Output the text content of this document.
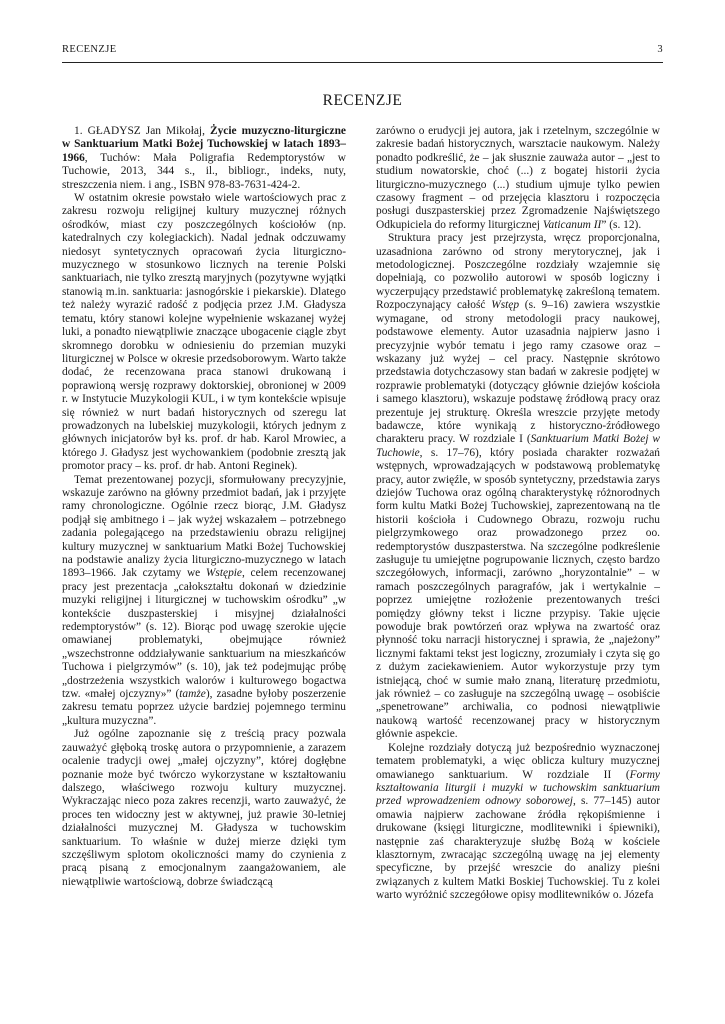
RECENZJE	3
RECENZJE

1. GŁADYSZ Jan Mikołaj, Życie muzyczno-liturgiczne w Sanktuarium Matki Bożej Tuchowskiej w latach 1893–1966, Tuchów: Mała Poligrafia Redemptorystów w Tuchowie, 2013, 344 s., il., bibliogr., indeks, nuty, streszczenia niem. i ang., ISBN 978-83-7631-424-2.

W ostatnim okresie powstało wiele wartościowych prac z zakresu rozwoju religijnej kultury muzycznej różnych ośrodków, miast czy poszczególnych kościołów (np. katedralnych czy kolegiackich). Nadal jednak odczuwamy niedosyt syntetycznych opracowań życia liturgiczno-muzycznego w stosunkowo licznych na terenie Polski sanktuariach, nie tylko zresztą maryjnych (pozytywne wyjątki stanowią m.in. sanktuaria: jasnogórskie i piekarskie). Dlatego też należy wyrazić radość z podjęcia przez J.M. Gładysza tematu, który stanowi kolejne wypełnienie wskazanej wyżej luki, a ponadto niewątpliwie znaczące ubogacenie ciągle zbyt skromnego dorobku w odniesieniu do przemian muzyki liturgicznej w Polsce w okresie przedsoborowym. Warto także dodać, że recenzowana praca stanowi drukowaną i poprawioną wersję rozprawy doktorskiej, obronionej w 2009 r. w Instytucie Muzykologii KUL, i w tym kontekście wpisuje się również w nurt badań historycznych od szeregu lat prowadzonych na lubelskiej muzykologii, których jednym z głównych inicjatorów był ks. prof. dr hab. Karol Mrowiec, a którego J. Gładysz jest wychowankiem (podobnie zresztą jak promotor pracy – ks. prof. dr hab. Antoni Reginek).

Temat prezentowanej pozycji, sformułowany precyzyjnie, wskazuje zarówno na główny przedmiot badań, jak i przyjęte ramy chronologiczne. Ogólnie rzecz biorąc, J.M. Gładysz podjął się ambitnego i – jak wyżej wskazałem – potrzebnego zadania polegającego na przedstawieniu obrazu religijnej kultury muzycznej w sanktuarium Matki Bożej Tuchowskiej na podstawie analizy życia liturgiczno-muzycznego w latach 1893–1966. Jak czytamy we Wstępie, celem recenzowanej pracy jest prezentacja „całokształtu dokonań w dziedzinie muzyki religijnej i liturgicznej w tuchowskim ośrodku” „w kontekście duszpasterskiej i misyjnej działalności redemptorystów” (s. 12). Biorąc pod uwagę szerokie ujęcie omawianej problematyki, obejmujące również „wszechstronne oddziaływanie sanktuarium na mieszkańców Tuchowa i pielgrzymów” (s. 10), jak też podejmując próbę „dostrzeżenia wszystkich walorów i kulturowego bogactwa tzw. «małej ojczyzny»” (tamże), zasadne byłoby poszerzenie zakresu tematu poprzez użycie bardziej pojemnego terminu „kultura muzyczna”.

Już ogólne zapoznanie się z treścią pracy pozwala zauważyć głęboką troskę autora o przypomnienie, a zarazem ocalenie tradycji owej „małej ojczyzny”, której dogłębne poznanie może być twórczo wykorzystane w kształtowaniu dalszego, właściwego rozwoju kultury muzycznej. Wykraczając nieco poza zakres recenzji, warto zauważyć, że proces ten widoczny jest w aktywnej, już prawie 30-letniej działalności muzycznej M. Gładysza w tuchowskim sanktuarium. To właśnie w dużej mierze dzięki tym szczęśliwym splotom okoliczności mamy do czynienia z pracą pisaną z emocjonalnym zaangażowaniem, ale niewątpliwie wartościową, dobrze świadczącą

zarówno o erudycji jej autora, jak i rzetelnym, szczególnie w zakresie badań historycznych, warsztacie naukowym. Należy ponadto podkreślić, że – jak słusznie zauważa autor – „jest to studium nowatorskie, choć (...) z bogatej historii życia liturgiczno-muzycznego (...) studium ujmuje tylko pewien czasowy fragment – od przejęcia klasztoru i rozpoczęcia posługi duszpasterskiej przez Zgromadzenie Najświętszego Odkupiciela do reformy liturgicznej Vaticanum II” (s. 12).

Struktura pracy jest przejrzysta, wręcz proporcjonalna, uzasadniona zarówno od strony merytorycznej, jak i metodologicznej. Poszczególne rozdziały wzajemnie się dopełniają, co pozwoliło autorowi w sposób logiczny i wyczerpujący przedstawić problematykę zakreśloną tematem. Rozpoczynający całość Wstęp (s. 9–16) zawiera wszystkie wymagane, od strony metodologii pracy naukowej, podstawowe elementy. Autor uzasadnia najpierw jasno i precyzyjnie wybór tematu i jego ramy czasowe oraz – wskazany już wyżej – cel pracy. Następnie skrótowo przedstawia dotychczasowy stan badań w zakresie podjętej w rozprawie problematyki (dotyczący głównie dziejów kościoła i samego klasztoru), wskazuje podstawę źródłową pracy oraz prezentuje jej strukturę. Określa wreszcie przyjęte metody badawcze, które wynikają z historyczno-źródłowego charakteru pracy. W rozdziale I (Sanktuarium Matki Bożej w Tuchowie, s. 17–76), który posiada charakter rozważań wstępnych, wprowadzających w podstawową problematykę pracy, autor zwięźle, w sposób syntetyczny, przedstawia zarys dziejów Tuchowa oraz ogólną charakterystykę różnorodnych form kultu Matki Bożej Tuchowskiej, zaprezentowaną na tle historii kościoła i Cudownego Obrazu, rozwoju ruchu pielgrzymkowego oraz prowadzonego przez oo. redemptorystów duszpasterstwa. Na szczególne podkreślenie zasługuje tu umiejętne pogrupowanie licznych, często bardzo szczegółowych, informacji, zarówno „horyzontalnie” – w ramach poszczególnych paragrafów, jak i wertykalnie – poprzez umiejętne rozłożenie prezentowanych treści pomiędzy główny tekst i liczne przypisy. Takie ujęcie powoduje brak powtórzeń oraz wpływa na zwartość oraz płynność toku narracji historycznej i sprawia, że „najeżony” licznymi faktami tekst jest logiczny, zrozumiały i czyta się go z dużym zaciekawieniem. Autor wykorzystuje przy tym istniejącą, choć w sumie mało znaną, literaturę przedmiotu, jak również – co zasługuje na szczególną uwagę – osobiście „spenetrowane” archiwalia, co podnosi niewątpliwie naukową wartość recenzowanej pracy w historycznym głównie aspekcie.

Kolejne rozdziały dotyczą już bezpośrednio wyznaczonej tematem problematyki, a więc oblicza kultury muzycznej omawianego sanktuarium. W rozdziale II (Formy kształtowania liturgii i muzyki w tuchowskim sanktuarium przed wprowadzeniem odnowy soborowej, s. 77–145) autor omawia najpierw zachowane źródła rękopiśmienne i drukowane (księgi liturgiczne, modlitewniki i śpiewniki), następnie zaś charakteryzuje służbę Bożą w kościele klasztornym, zwracając szczególną uwagę na jej elementy specyficzne, by przejść wreszcie do analizy pieśni związanych z kultem Matki Boskiej Tuchowskiej. Tu z kolei warto wyróżnić szczegółowe opisy modlitewników o. Józefa
